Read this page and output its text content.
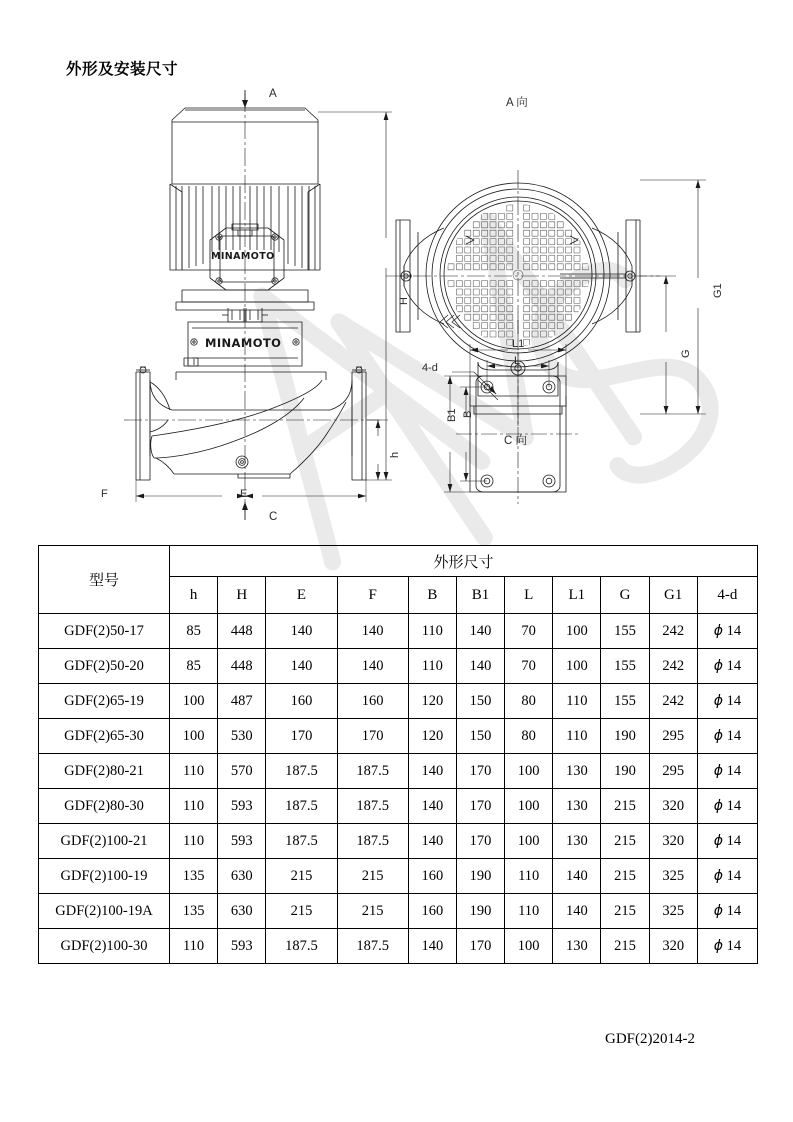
外形及安装尺寸
A
C
H
h
F	E
A 向
C 向
G1
G
L1
L
B1 B
4-d
MINAMOTO
MINAMOTO
型号	外形尺寸										
	h	H	E	F	B	B1	L	L1	G	G1	4-d
GDF(2)50-17	85	448	140	140	110	140	70	100	155	242	ϕ 14
GDF(2)50-20	85	448	140	140	110	140	70	100	155	242	ϕ 14
GDF(2)65-19	100	487	160	160	120	150	80	110	155	242	ϕ 14
GDF(2)65-30	100	530	170	170	120	150	80	110	190	295	ϕ 14
GDF(2)80-21	110	570	187.5	187.5	140	170	100	130	190	295	ϕ 14
GDF(2)80-30	110	593	187.5	187.5	140	170	100	130	215	320	ϕ 14
GDF(2)100-21	110	593	187.5	187.5	140	170	100	130	215	320	ϕ 14
GDF(2)100-19	135	630	215	215	160	190	110	140	215	325	ϕ 14
GDF(2)100-19A	135	630	215	215	160	190	110	140	215	325	ϕ 14
GDF(2)100-30	110	593	187.5	187.5	140	170	100	130	215	320	ϕ 14
GDF(2)2014-2
